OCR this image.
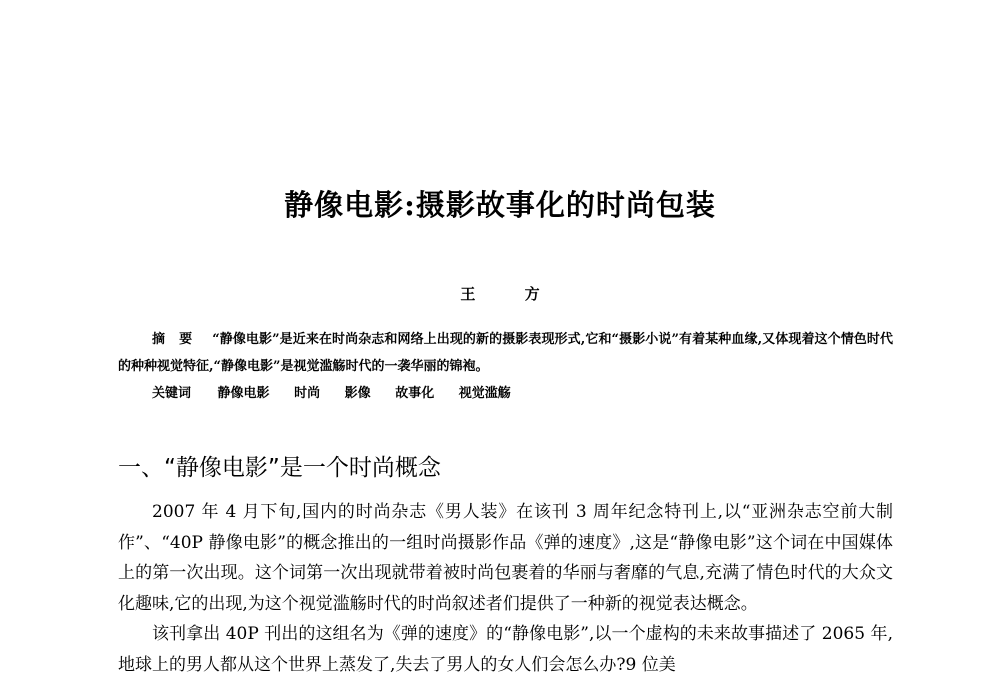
静像电影:摄影故事化的时尚包装
王 方
摘要 “静像电影”是近来在时尚杂志和网络上出现的新的摄影表现形式,它和“摄影小说”有着某种血缘,又体现着这个情色时代的种种视觉特征,“静像电影”是视觉滥觞时代的一袭华丽的锦袍。
关键词 静像电影 时尚 影像 故事化 视觉滥觞
一、“静像电影”是一个时尚概念

2007 年 4 月下旬,国内的时尚杂志《男人装》在该刊 3 周年纪念特刊上,以“亚洲杂志空前大制作”、“40P 静像电影”的概念推出的一组时尚摄影作品《弹的速度》,这是“静像电影”这个词在中国媒体上的第一次出现。这个词第一次出现就带着被时尚包裹着的华丽与奢靡的气息,充满了情色时代的大众文化趣味,它的出现,为这个视觉滥觞时代的时尚叙述者们提供了一种新的视觉表达概念。

该刊拿出 40P 刊出的这组名为《弹的速度》的“静像电影”,以一个虚构的未来故事描述了 2065 年,地球上的男人都从这个世界上蒸发了,失去了男人的女人们会怎么办?9 位美
